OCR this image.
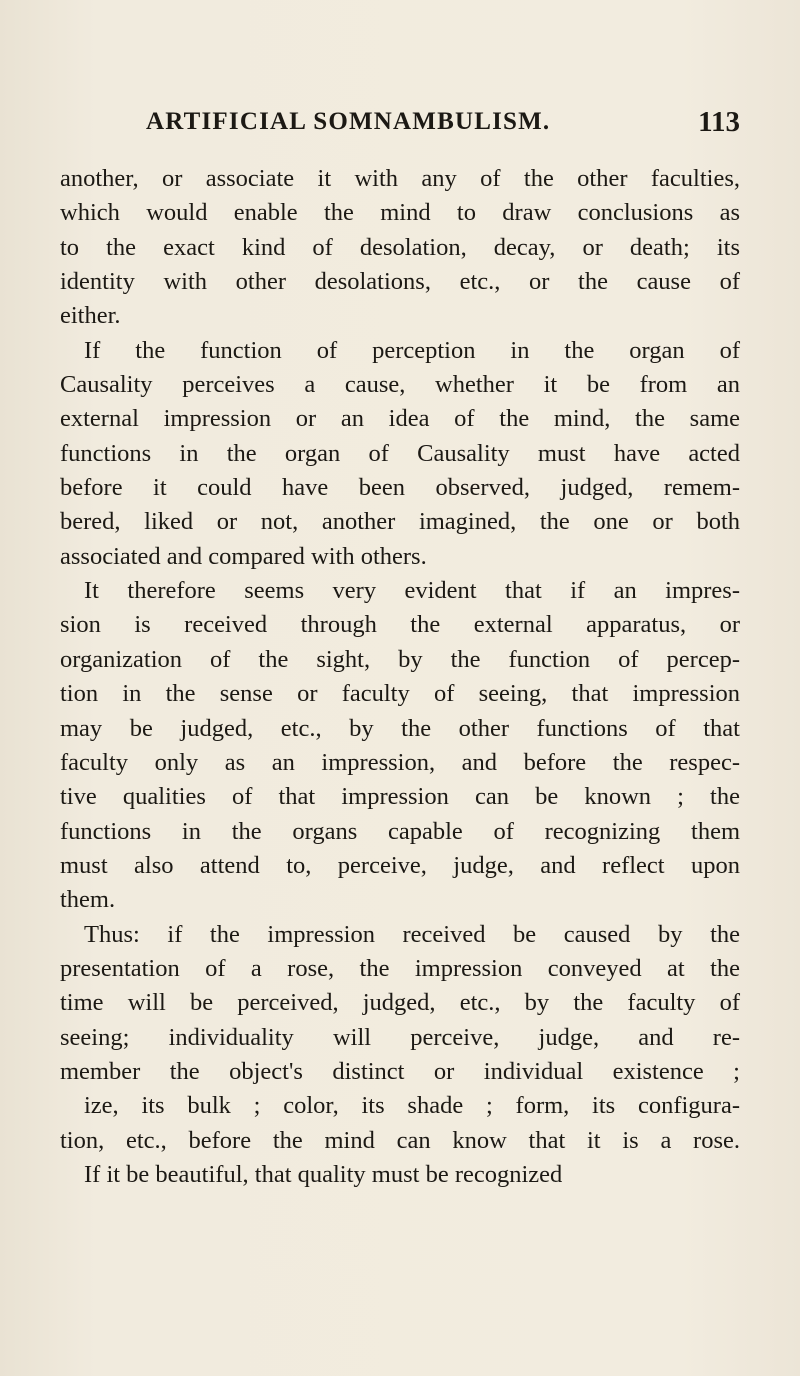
ARTIFICIAL SOMNAMBULISM.	113
another, or associate it with any of the other faculties,
which would enable the mind to draw conclusions as
to the exact kind of desolation, decay, or death; its
identity with other desolations, etc., or the cause of
either.
If the function of perception in the organ of
Causality perceives a cause, whether it be from an
external impression or an idea of the mind, the same
functions in the organ of Causality must have acted
before it could have been observed, judged, remem-
bered, liked or not, another imagined, the one or both
associated and compared with others.
It therefore seems very evident that if an impres-
sion is received through the external apparatus, or
organization of the sight, by the function of percep-
tion in the sense or faculty of seeing, that impression
may be judged, etc., by the other functions of that
faculty only as an impression, and before the respec-
tive qualities of that impression can be known ; the
functions in the organs capable of recognizing them
must also attend to, perceive, judge, and reflect upon
them.
Thus: if the impression received be caused by the
presentation of a rose, the impression conveyed at the
time will be perceived, judged, etc., by the faculty of
seeing; individuality will perceive, judge, and re-
member the object's distinct or individual existence ;
ize, its bulk ; color, its shade ; form, its configura-
tion, etc., before the mind can know that it is a rose.
If it be beautiful, that quality must be recognized
